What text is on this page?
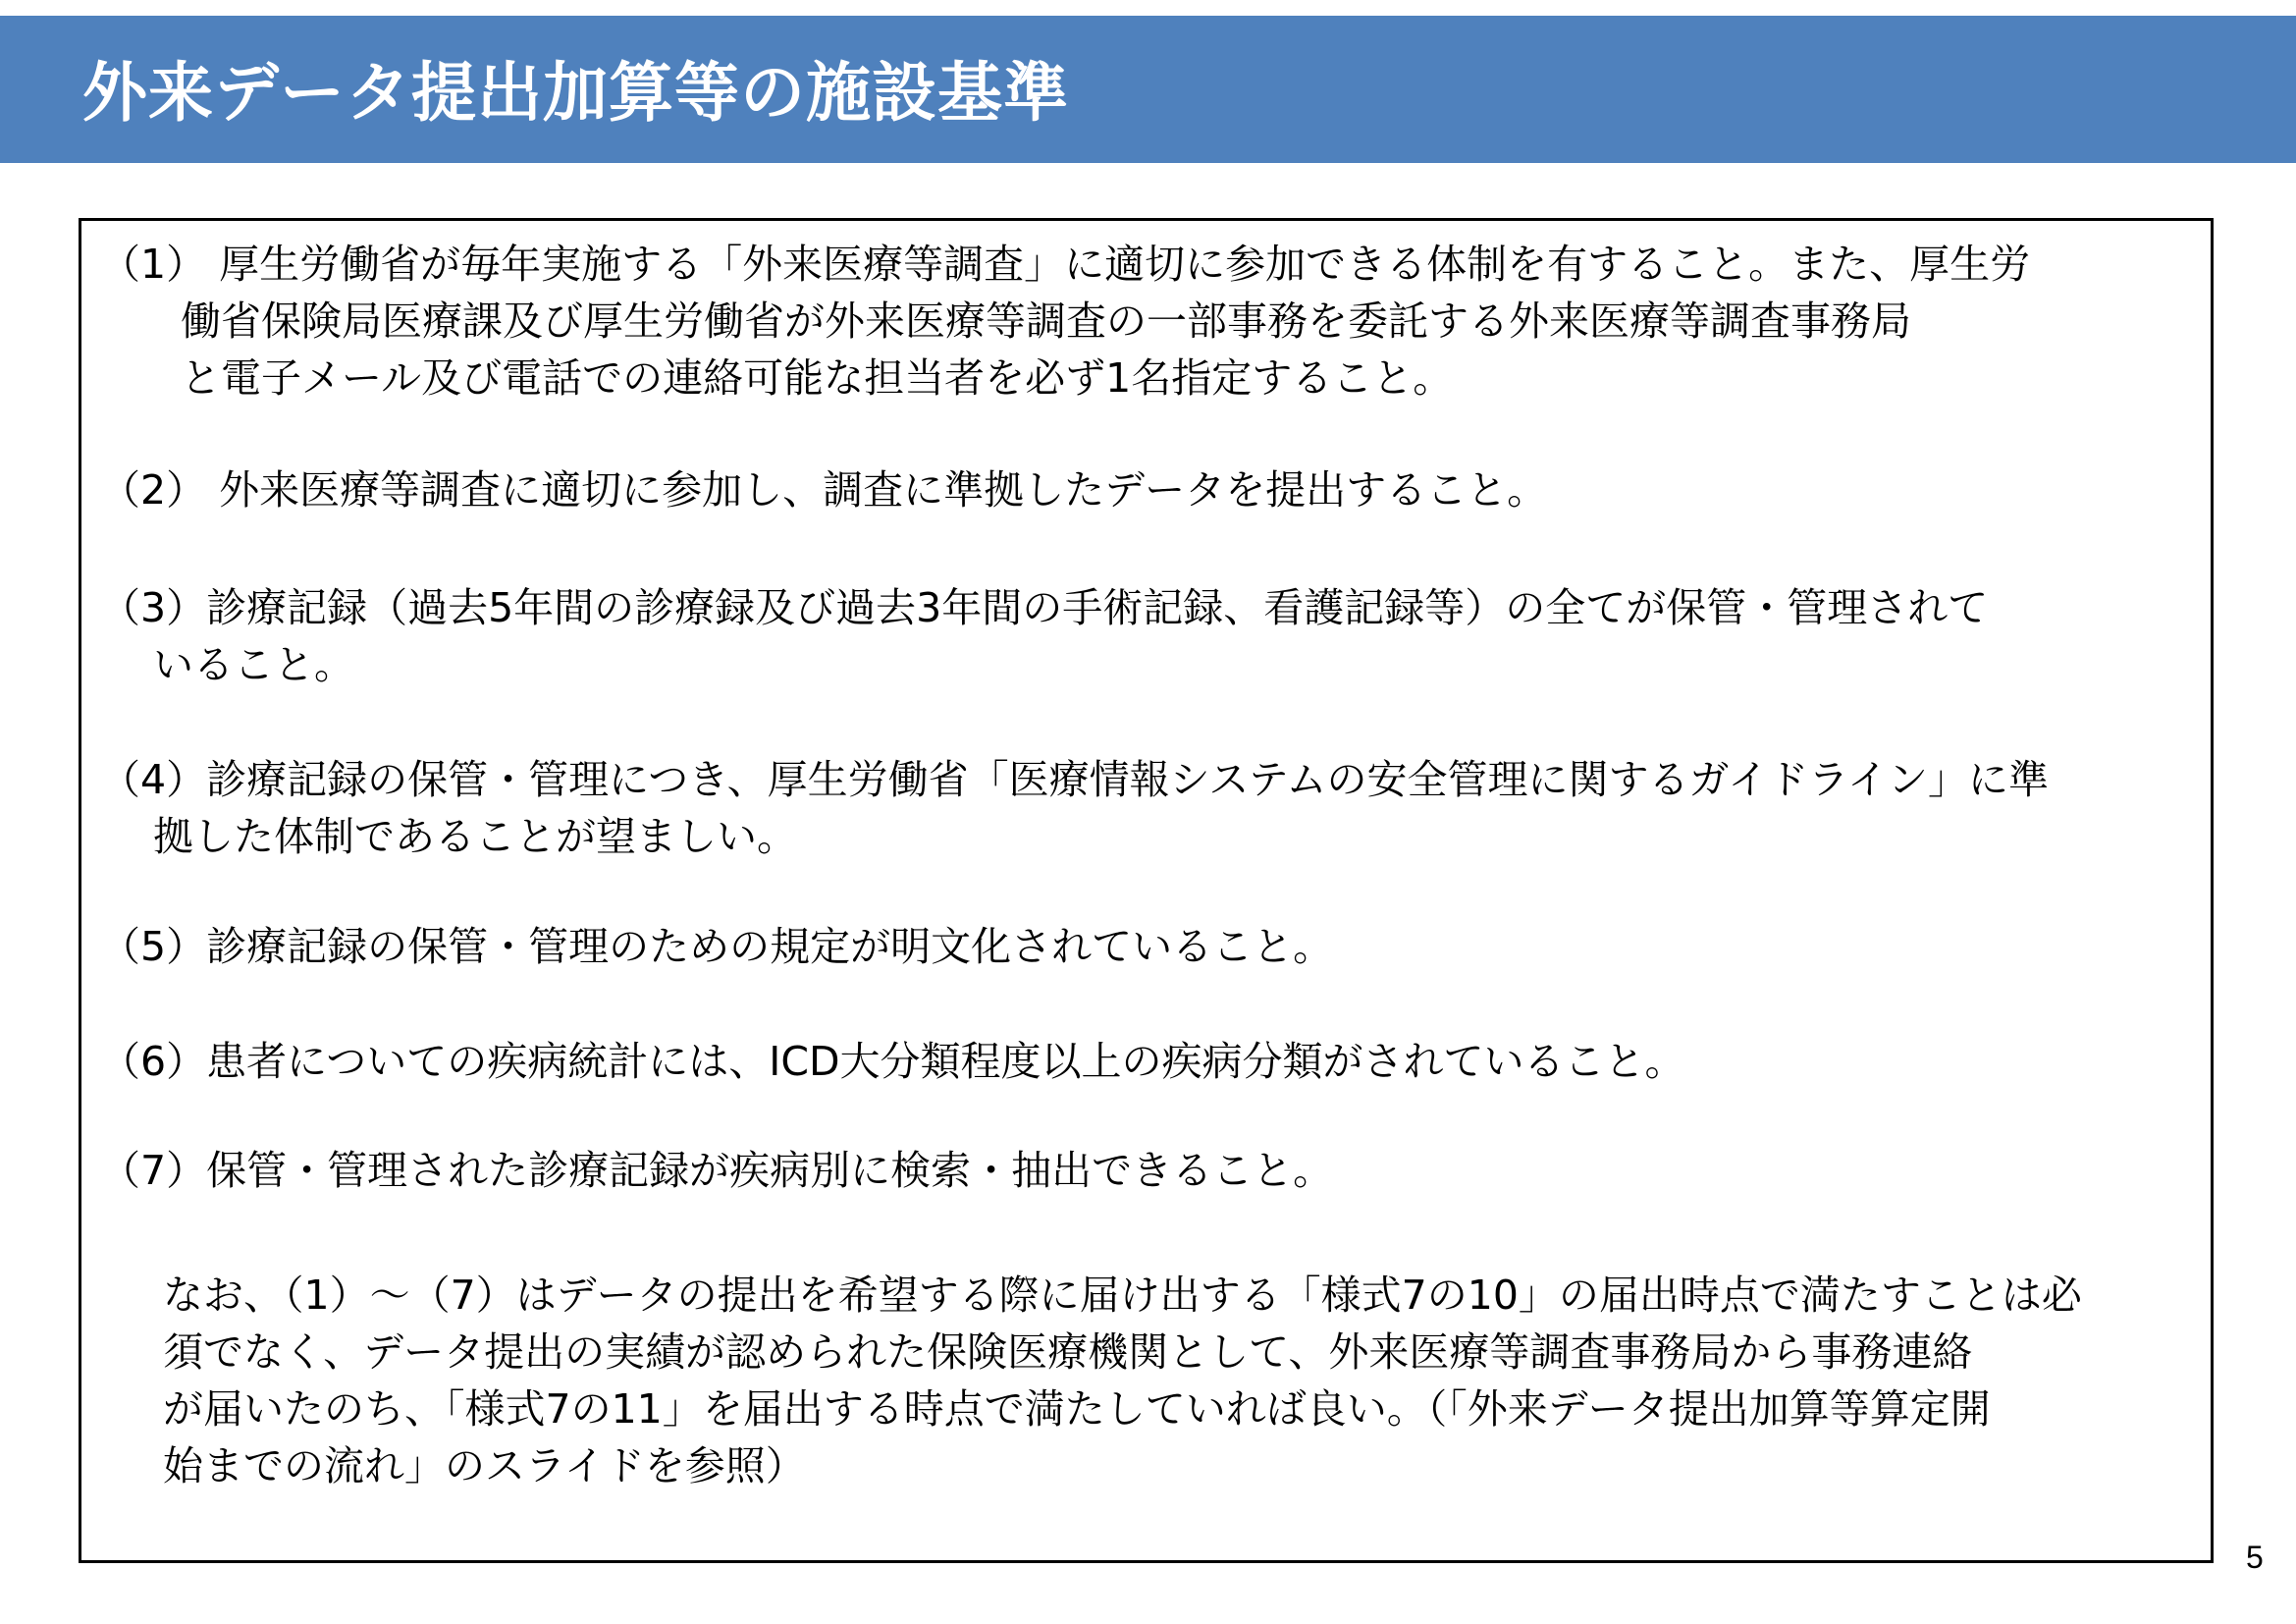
外来データ提出加算等の施設基準
（1） 厚生労働省が毎年実施する「外来医療等調査」に適切に参加できる体制を有すること。また、厚生労
　　働省保険局医療課及び厚生労働省が外来医療等調査の一部事務を委託する外来医療等調査事務局
　　と電子メール及び電話での連絡可能な担当者を必ず1名指定すること。
（2） 外来医療等調査に適切に参加し、調査に準拠したデータを提出すること。
（3）診療記録（過去5年間の診療録及び過去3年間の手術記録、看護記録等）の全てが保管・管理されて
　 いること。
（4）診療記録の保管・管理につき、厚生労働省「医療情報システムの安全管理に関するガイドライン」に準
　 拠した体制であることが望ましい。
（5）診療記録の保管・管理のための規定が明文化されていること。
（6）患者についての疾病統計には、ICD大分類程度以上の疾病分類がされていること。
（7）保管・管理された診療記録が疾病別に検索・抽出できること。
なお、（1）～（7）はデータの提出を希望する際に届け出する「様式7の10」の届出時点で満たすことは必
須でなく、データ提出の実績が認められた保険医療機関として、外来医療等調査事務局から事務連絡
が届いたのち、「様式7の11」を届出する時点で満たしていれば良い。（「外来データ提出加算等算定開
始までの流れ」のスライドを参照）
5
